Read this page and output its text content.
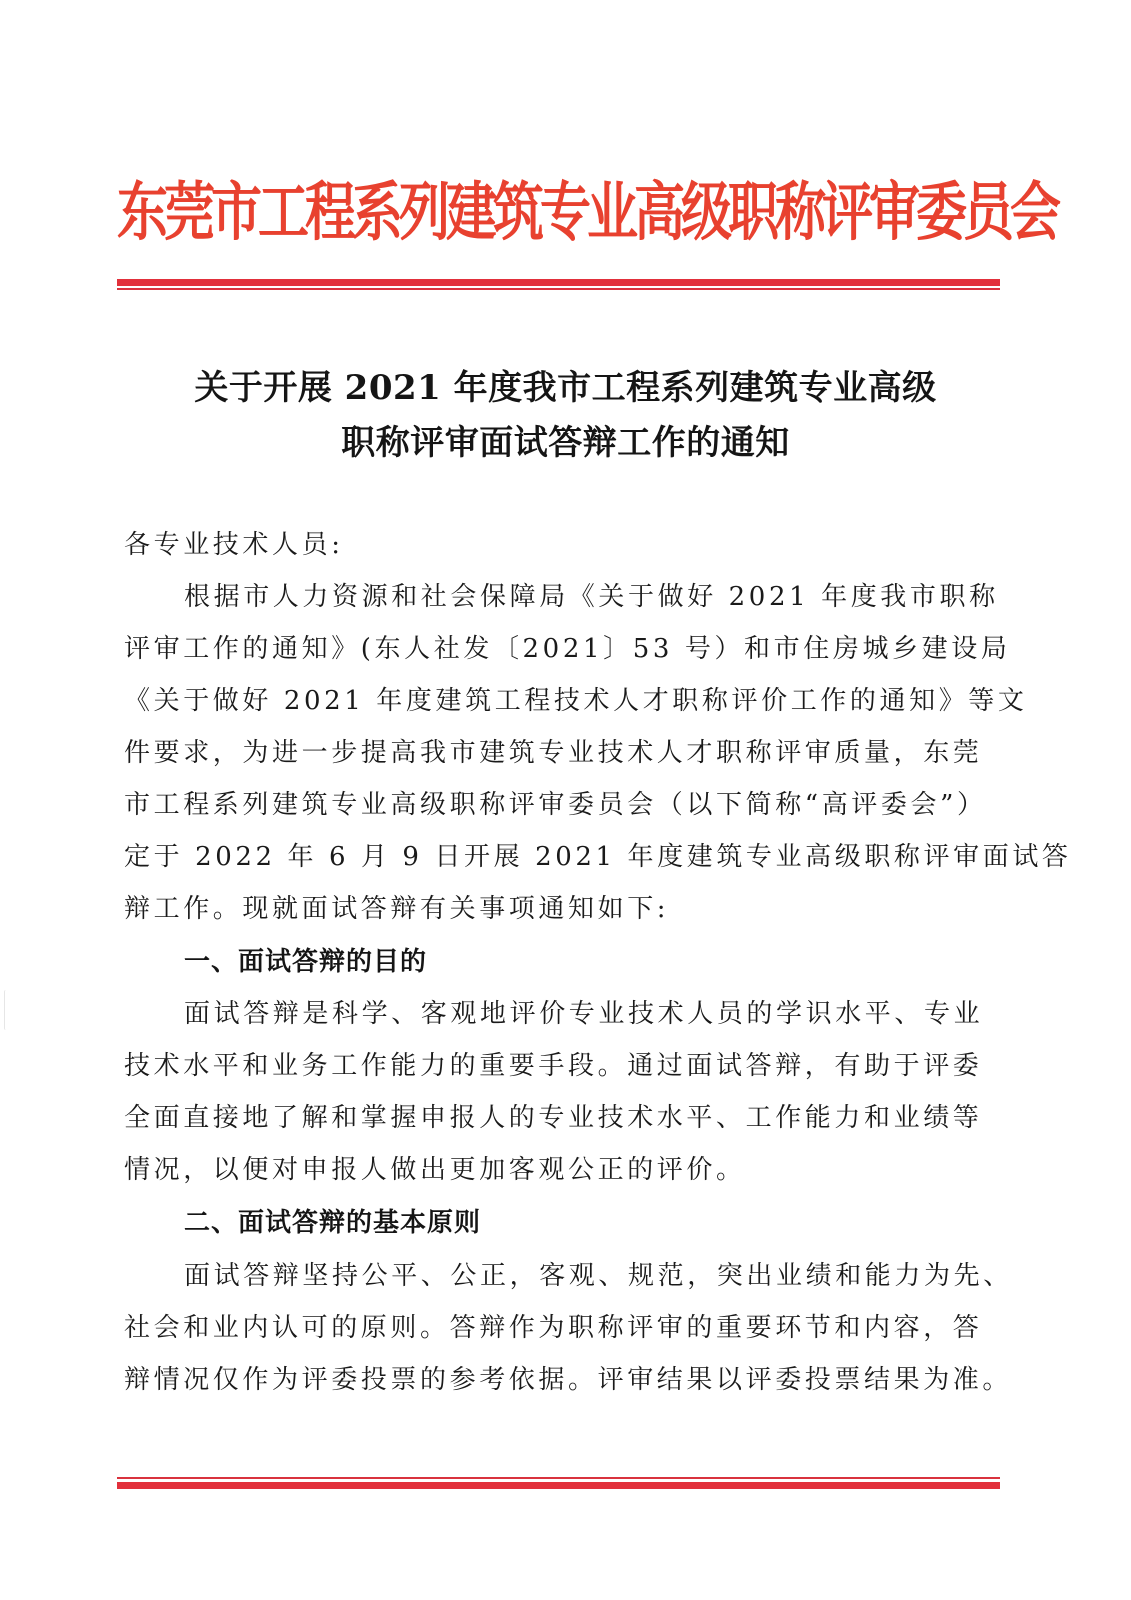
东莞市工程系列建筑专业高级职称评审委员会
关于开展 2021 年度我市工程系列建筑专业高级
职称评审面试答辩工作的通知
各专业技术人员:
根据市人力资源和社会保障局《关于做好 2021 年度我市职称
评审工作的通知》(东人社发〔2021〕53 号）和市住房城乡建设局
《关于做好 2021 年度建筑工程技术人才职称评价工作的通知》等文
件要求，为进一步提高我市建筑专业技术人才职称评审质量，东莞
市工程系列建筑专业高级职称评审委员会（以下简称“高评委会”）
定于 2022 年 6 月 9 日开展 2021 年度建筑专业高级职称评审面试答
辩工作。现就面试答辩有关事项通知如下:
一、面试答辩的目的
面试答辩是科学、客观地评价专业技术人员的学识水平、专业
技术水平和业务工作能力的重要手段。通过面试答辩，有助于评委
全面直接地了解和掌握申报人的专业技术水平、工作能力和业绩等
情况，以便对申报人做出更加客观公正的评价。
二、面试答辩的基本原则
面试答辩坚持公平、公正，客观、规范，突出业绩和能力为先、
社会和业内认可的原则。答辩作为职称评审的重要环节和内容，答
辩情况仅作为评委投票的参考依据。评审结果以评委投票结果为准。
